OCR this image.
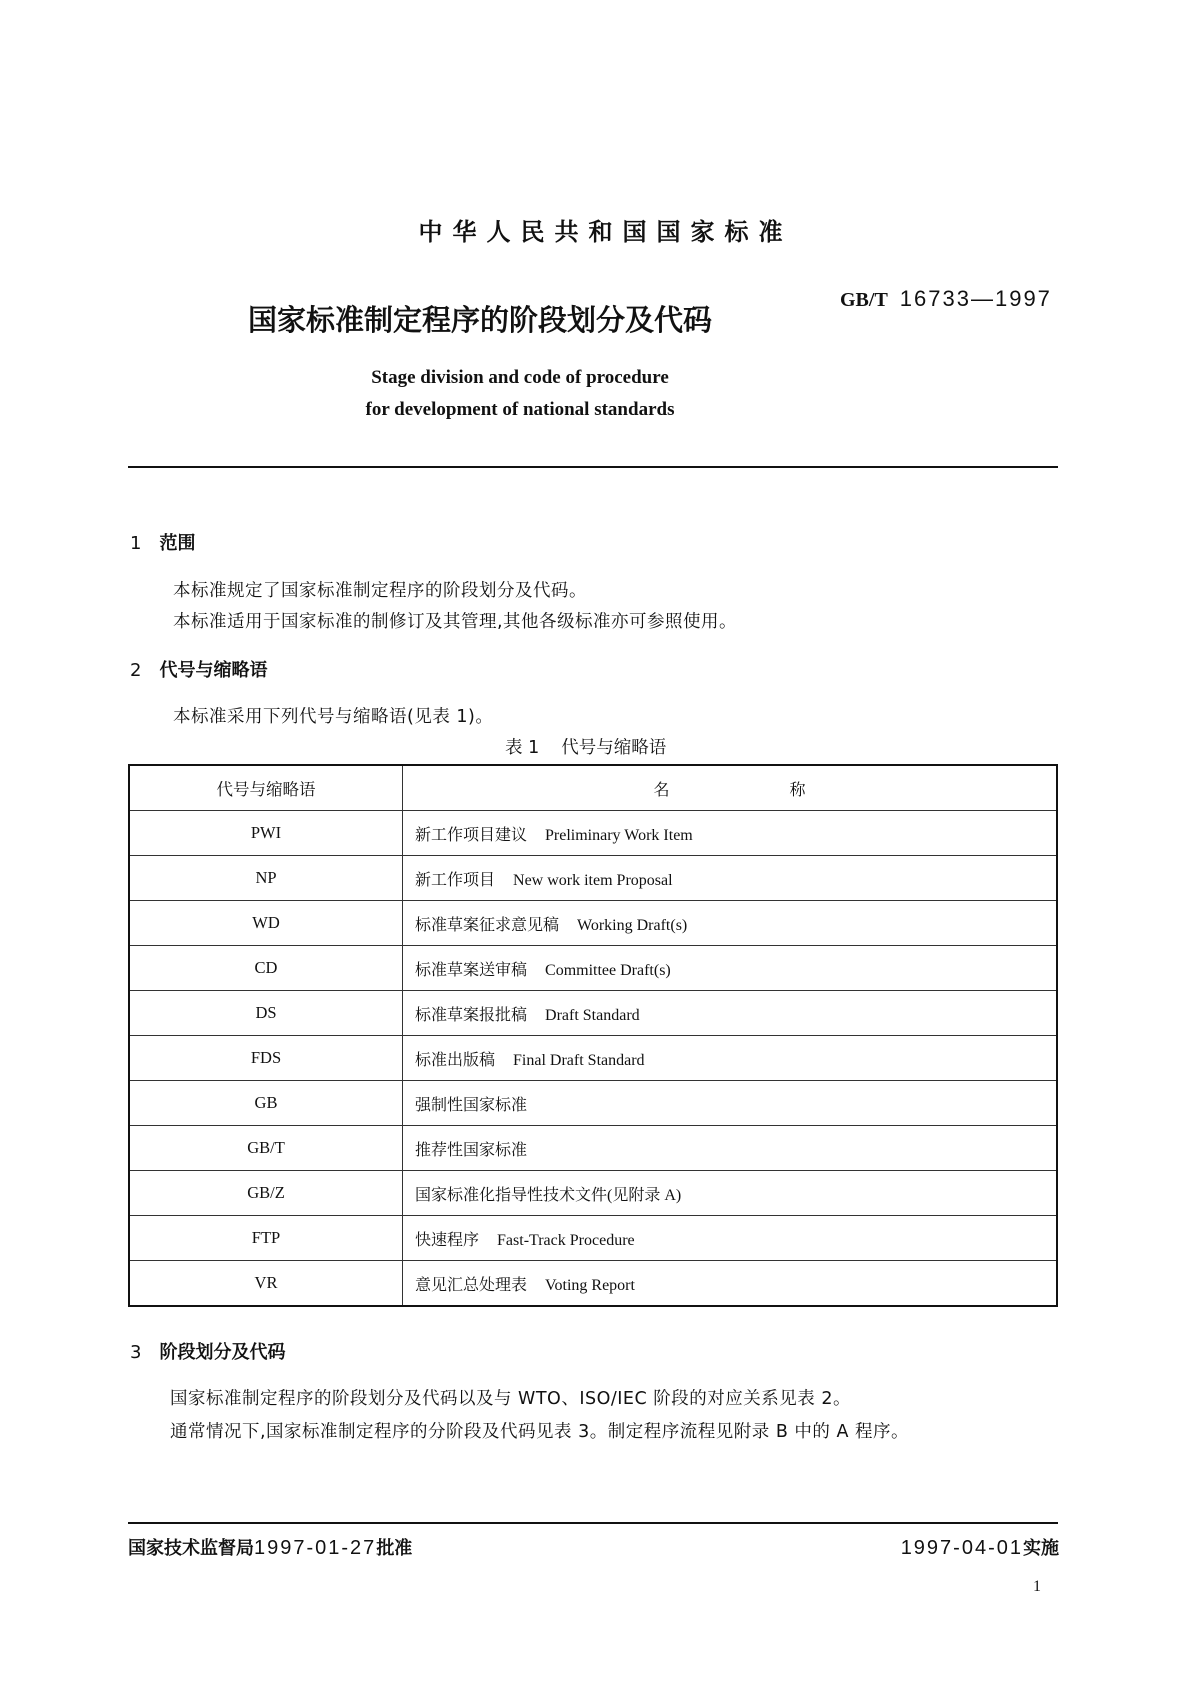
中华人民共和国国家标准
GB/T 16733—1997
国家标准制定程序的阶段划分及代码
Stage division and code of procedure
for development of national standards
1 范围
本标准规定了国家标准制定程序的阶段划分及代码。
本标准适用于国家标准的制修订及其管理,其他各级标准亦可参照使用。
2 代号与缩略语
本标准采用下列代号与缩略语(见表 1)。
表 1 代号与缩略语
代号与缩略语	名 称
PWI	新工作项目建议 Preliminary Work Item
NP	新工作项目 New work item Proposal
WD	标准草案征求意见稿 Working Draft(s)
CD	标准草案送审稿 Committee Draft(s)
DS	标准草案报批稿 Draft Standard
FDS	标准出版稿 Final Draft Standard
GB	强制性国家标准
GB/T	推荐性国家标准
GB/Z	国家标准化指导性技术文件(见附录 A)
FTP	快速程序 Fast-Track Procedure
VR	意见汇总处理表 Voting Report
3 阶段划分及代码
国家标准制定程序的阶段划分及代码以及与 WTO、ISO/IEC 阶段的对应关系见表 2。
通常情况下,国家标准制定程序的分阶段及代码见表 3。制定程序流程见附录 B 中的 A 程序。
国家技术监督局1997-01-27批准	1997-04-01实施
1
